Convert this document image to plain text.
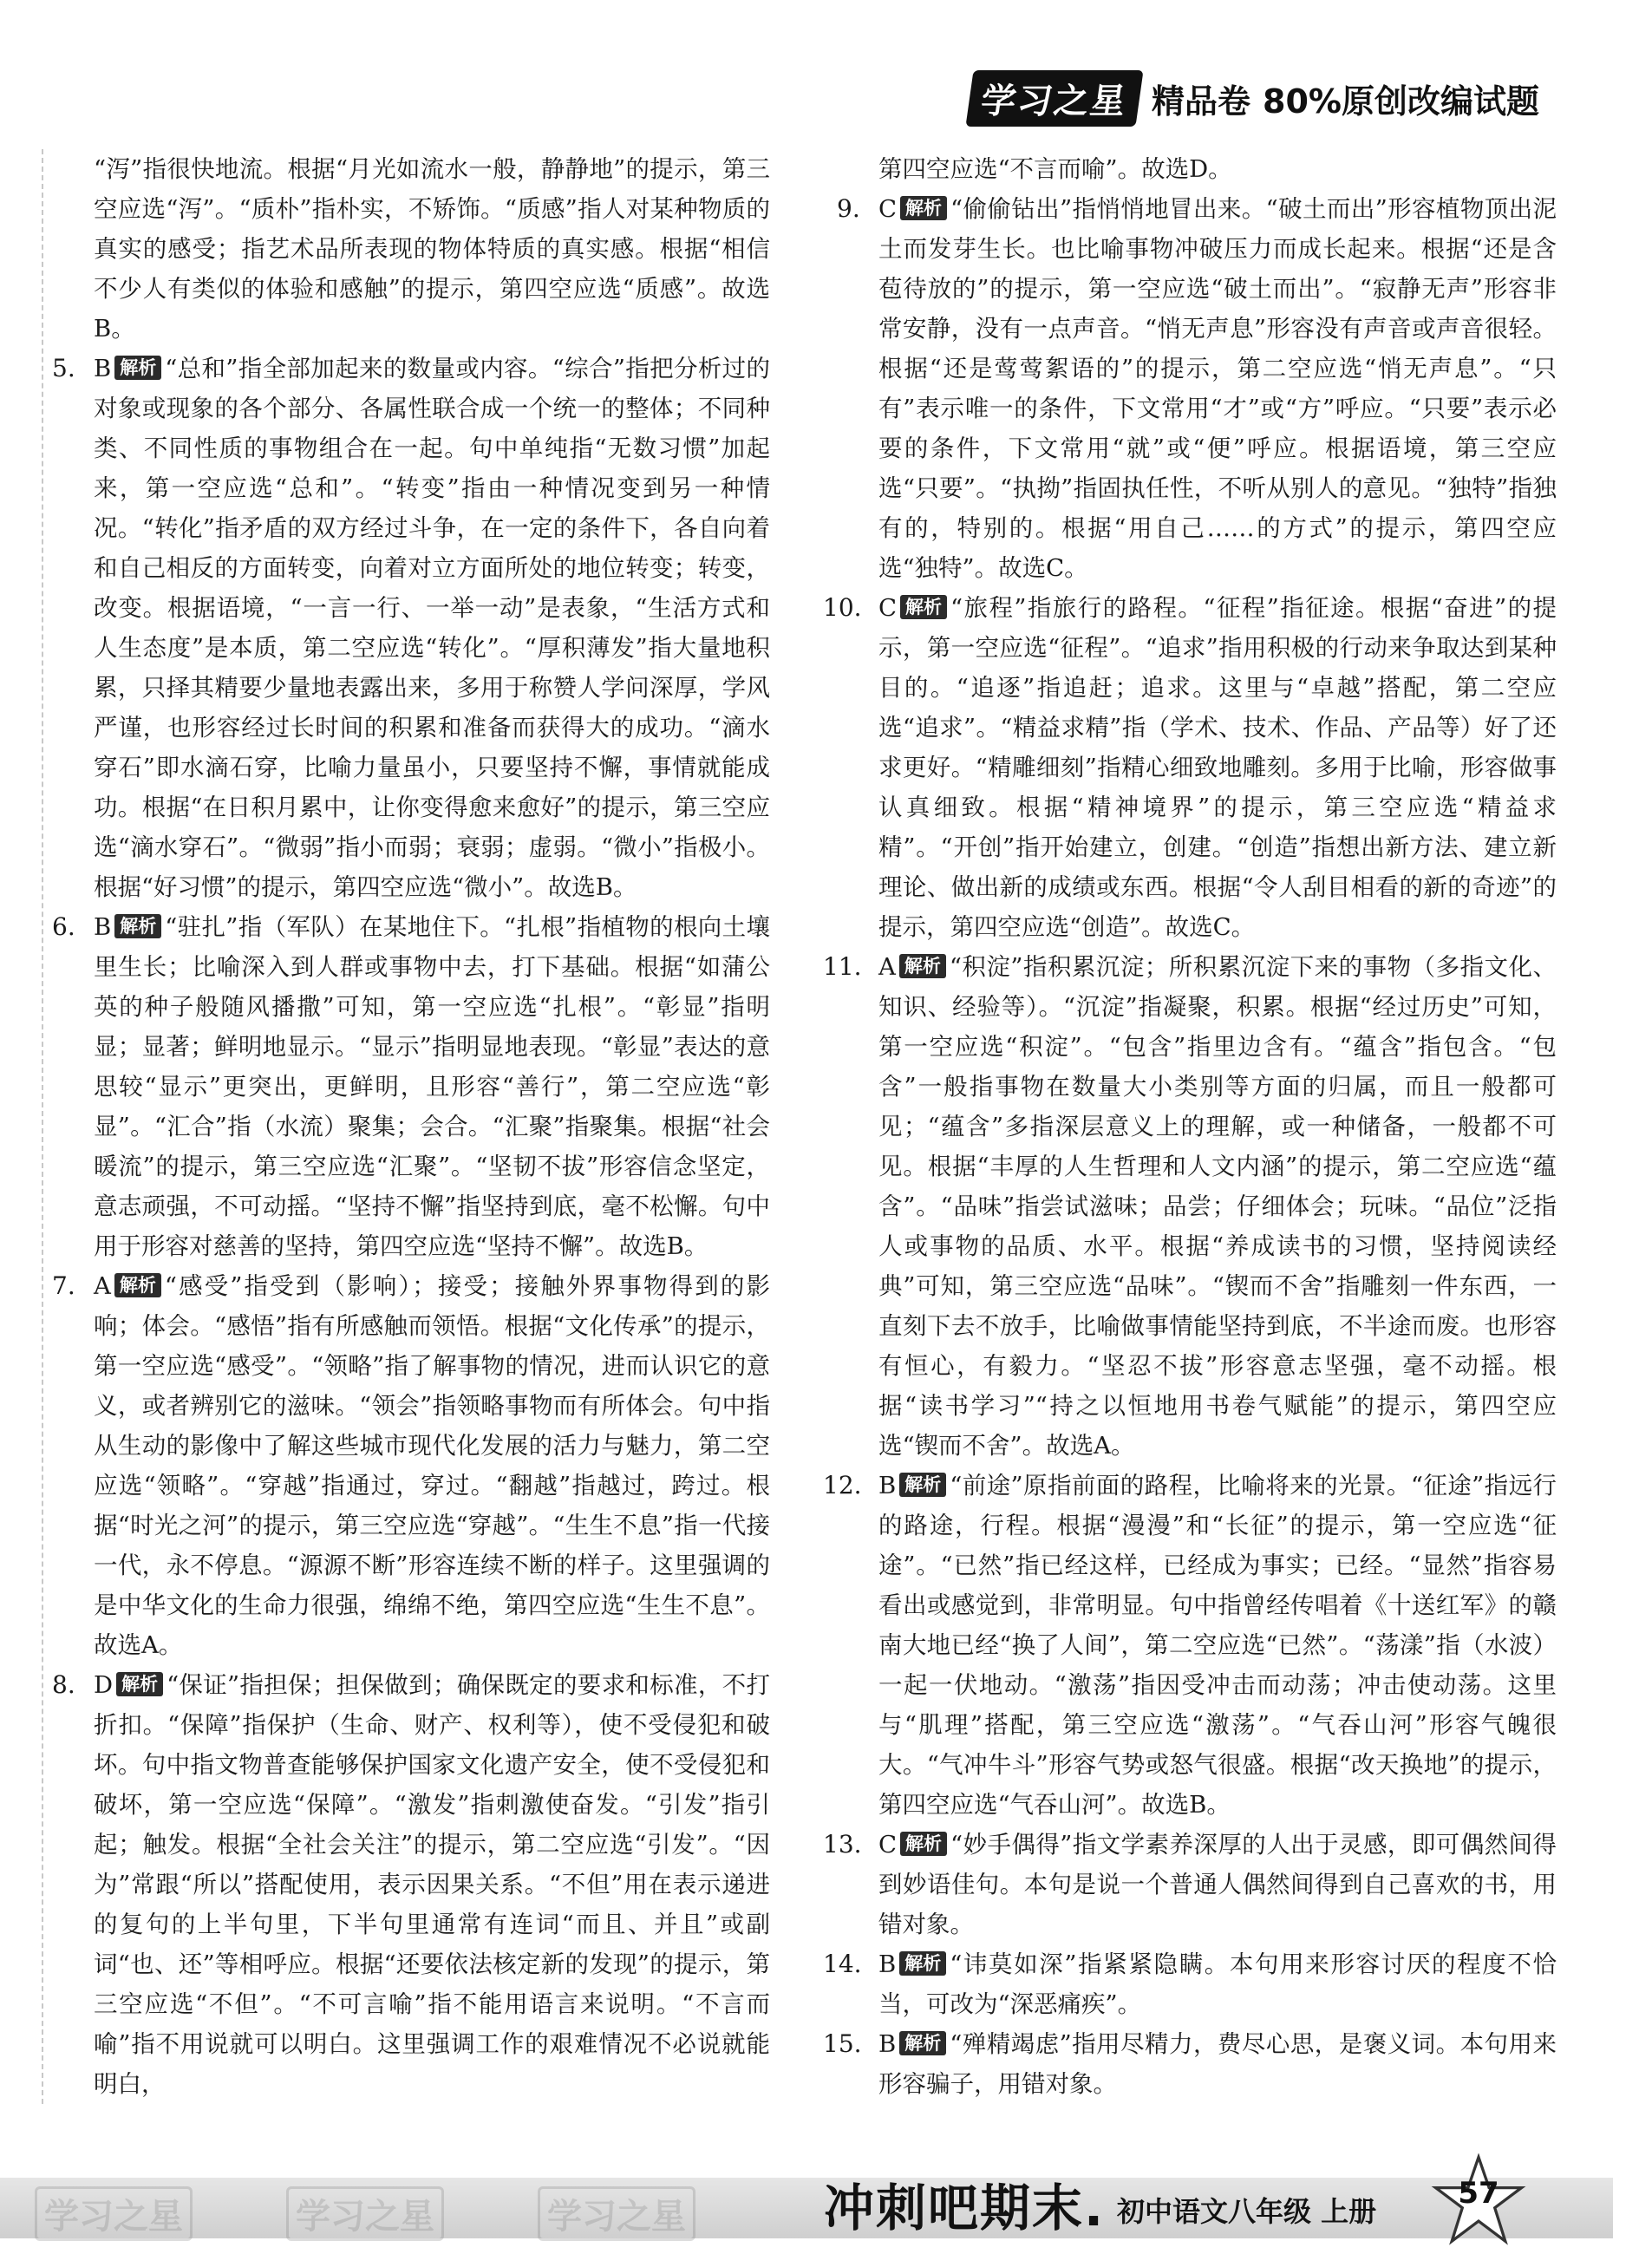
学习之星 精品卷 80%原创改编试题
“泻”指很快地流。根据“月光如流水一般，静静地”的提示，第三空应选“泻”。“质朴”指朴实，不矫饰。“质感”指人对某种物质的真实的感受；指艺术品所表现的物体特质的真实感。根据“相信不少人有类似的体验和感触”的提示，第四空应选“质感”。故选B。
5. B 解析 “总和”指全部加起来的数量或内容。“综合”指把分析过的对象或现象的各个部分、各属性联合成一个统一的整体；不同种类、不同性质的事物组合在一起。句中单纯指“无数习惯”加起来，第一空应选“总和”。“转变”指由一种情况变到另一种情况。“转化”指矛盾的双方经过斗争，在一定的条件下，各自向着和自己相反的方面转变，向着对立方面所处的地位转变；转变，改变。根据语境，“一言一行、一举一动”是表象，“生活方式和人生态度”是本质，第二空应选“转化”。“厚积薄发”指大量地积累，只择其精要少量地表露出来，多用于称赞人学问深厚，学风严谨，也形容经过长时间的积累和准备而获得大的成功。“滴水穿石”即水滴石穿，比喻力量虽小，只要坚持不懈，事情就能成功。根据“在日积月累中，让你变得愈来愈好”的提示，第三空应选“滴水穿石”。“微弱”指小而弱；衰弱；虚弱。“微小”指极小。根据“好习惯”的提示，第四空应选“微小”。故选B。
6. B 解析 “驻扎”指（军队）在某地住下。“扎根”指植物的根向土壤里生长；比喻深入到人群或事物中去，打下基础。根据“如蒲公英的种子般随风播撒”可知，第一空应选“扎根”。“彰显”指明显；显著；鲜明地显示。“显示”指明显地表现。“彰显”表达的意思较“显示”更突出，更鲜明，且形容“善行”，第二空应选“彰显”。“汇合”指（水流）聚集；会合。“汇聚”指聚集。根据“社会暖流”的提示，第三空应选“汇聚”。“坚韧不拔”形容信念坚定，意志顽强，不可动摇。“坚持不懈”指坚持到底，毫不松懈。句中用于形容对慈善的坚持，第四空应选“坚持不懈”。故选B。
7. A 解析 “感受”指受到（影响）；接受；接触外界事物得到的影响；体会。“感悟”指有所感触而领悟。根据“文化传承”的提示，第一空应选“感受”。“领略”指了解事物的情况，进而认识它的意义，或者辨别它的滋味。“领会”指领略事物而有所体会。句中指从生动的影像中了解这些城市现代化发展的活力与魅力，第二空应选“领略”。“穿越”指通过，穿过。“翻越”指越过，跨过。根据“时光之河”的提示，第三空应选“穿越”。“生生不息”指一代接一代，永不停息。“源源不断”形容连续不断的样子。这里强调的是中华文化的生命力很强，绵绵不绝，第四空应选“生生不息”。故选A。
8. D 解析 “保证”指担保；担保做到；确保既定的要求和标准，不打折扣。“保障”指保护（生命、财产、权利等），使不受侵犯和破坏。句中指文物普查能够保护国家文化遗产安全，使不受侵犯和破坏，第一空应选“保障”。“激发”指刺激使奋发。“引发”指引起；触发。根据“全社会关注”的提示，第二空应选“引发”。“因为”常跟“所以”搭配使用，表示因果关系。“不但”用在表示递进的复句的上半句里，下半句里通常有连词“而且、并且”或副词“也、还”等相呼应。根据“还要依法核定新的发现”的提示，第三空应选“不但”。“不可言喻”指不能用语言来说明。“不言而喻”指不用说就可以明白。这里强调工作的艰难情况不必说就能明白，
第四空应选“不言而喻”。故选D。
9. C 解析 “偷偷钻出”指悄悄地冒出来。“破土而出”形容植物顶出泥土而发芽生长。也比喻事物冲破压力而成长起来。根据“还是含苞待放的”的提示，第一空应选“破土而出”。“寂静无声”形容非常安静，没有一点声音。“悄无声息”形容没有声音或声音很轻。根据“还是莺莺絮语的”的提示，第二空应选“悄无声息”。“只有”表示唯一的条件，下文常用“才”或“方”呼应。“只要”表示必要的条件，下文常用“就”或“便”呼应。根据语境，第三空应选“只要”。“执拗”指固执任性，不听从别人的意见。“独特”指独有的，特别的。根据“用自己……的方式”的提示，第四空应选“独特”。故选C。
10. C 解析 “旅程”指旅行的路程。“征程”指征途。根据“奋进”的提示，第一空应选“征程”。“追求”指用积极的行动来争取达到某种目的。“追逐”指追赶；追求。这里与“卓越”搭配，第二空应选“追求”。“精益求精”指（学术、技术、作品、产品等）好了还求更好。“精雕细刻”指精心细致地雕刻。多用于比喻，形容做事认真细致。根据“精神境界”的提示，第三空应选“精益求精”。“开创”指开始建立，创建。“创造”指想出新方法、建立新理论、做出新的成绩或东西。根据“令人刮目相看的新的奇迹”的提示，第四空应选“创造”。故选C。
11. A 解析 “积淀”指积累沉淀；所积累沉淀下来的事物（多指文化、知识、经验等）。“沉淀”指凝聚，积累。根据“经过历史”可知，第一空应选“积淀”。“包含”指里边含有。“蕴含”指包含。“包含”一般指事物在数量大小类别等方面的归属，而且一般都可见；“蕴含”多指深层意义上的理解，或一种储备，一般都不可见。根据“丰厚的人生哲理和人文内涵”的提示，第二空应选“蕴含”。“品味”指尝试滋味；品尝；仔细体会；玩味。“品位”泛指人或事物的品质、水平。根据“养成读书的习惯，坚持阅读经典”可知，第三空应选“品味”。“锲而不舍”指雕刻一件东西，一直刻下去不放手，比喻做事情能坚持到底，不半途而废。也形容有恒心，有毅力。“坚忍不拔”形容意志坚强，毫不动摇。根据“读书学习”“持之以恒地用书卷气赋能”的提示，第四空应选“锲而不舍”。故选A。
12. B 解析 “前途”原指前面的路程，比喻将来的光景。“征途”指远行的路途，行程。根据“漫漫”和“长征”的提示，第一空应选“征途”。“已然”指已经这样，已经成为事实；已经。“显然”指容易看出或感觉到，非常明显。句中指曾经传唱着《十送红军》的赣南大地已经“换了人间”，第二空应选“已然”。“荡漾”指（水波）一起一伏地动。“激荡”指因受冲击而动荡；冲击使动荡。这里与“肌理”搭配，第三空应选“激荡”。“气吞山河”形容气魄很大。“气冲牛斗”形容气势或怒气很盛。根据“改天换地”的提示，第四空应选“气吞山河”。故选B。
13. C 解析 “妙手偶得”指文学素养深厚的人出于灵感，即可偶然间得到妙语佳句。本句是说一个普通人偶然间得到自己喜欢的书，用错对象。
14. B 解析 “讳莫如深”指紧紧隐瞒。本句用来形容讨厌的程度不恰当，可改为“深恶痛疾”。
15. B 解析 “殚精竭虑”指用尽精力，费尽心思，是褒义词。本句用来形容骗子，用错对象。
学习之星	学习之星	学习之星	冲刺吧期末. 初中语文八年级 上册
57
